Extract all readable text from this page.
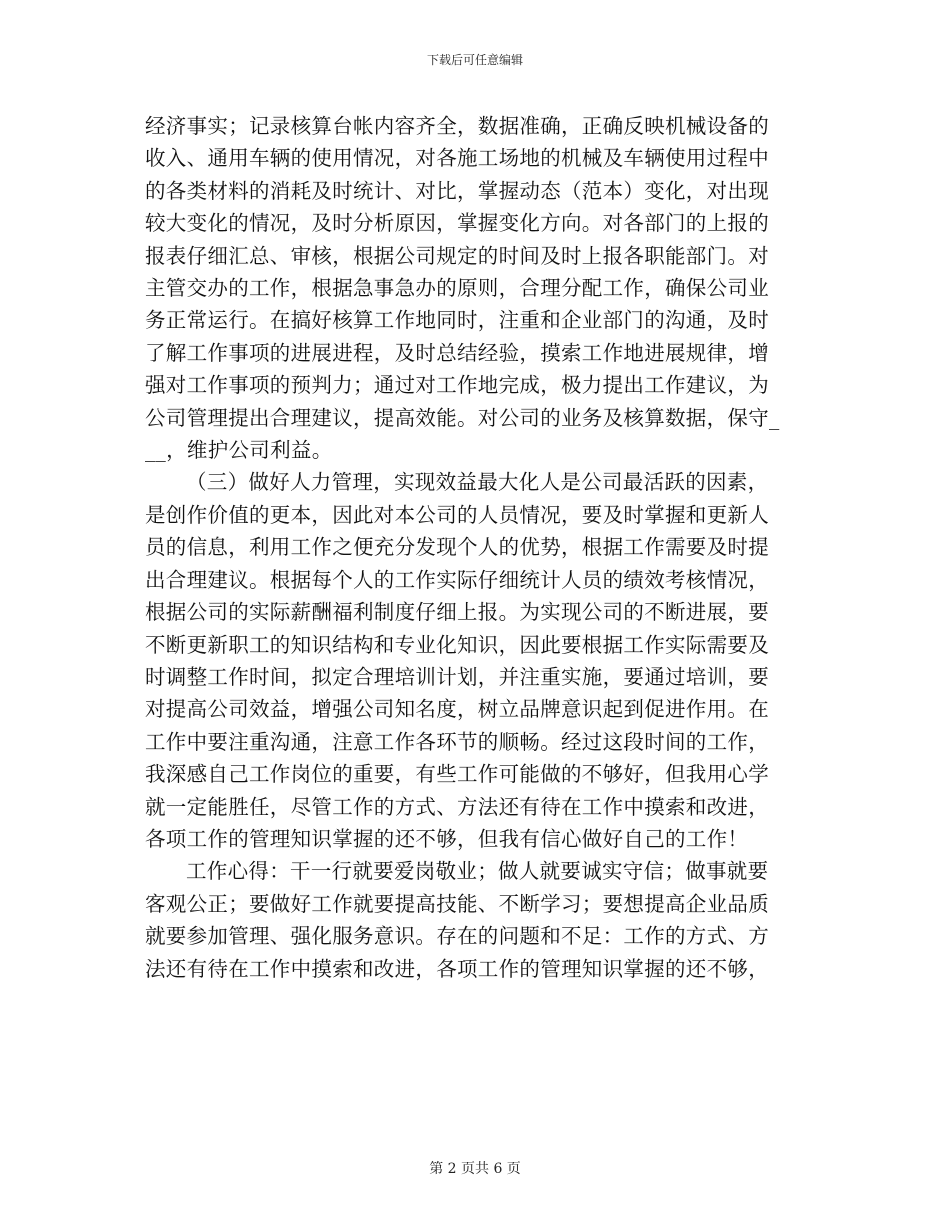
下载后可任意编辑
经济事实；记录核算台帐内容齐全，数据准确，正确反映机械设备的
收入、通用车辆的使用情况，对各施工场地的机械及车辆使用过程中
的各类材料的消耗及时统计、对比，掌握动态（范本）变化，对出现
较大变化的情况，及时分析原因，掌握变化方向。对各部门的上报的
报表仔细汇总、审核，根据公司规定的时间及时上报各职能部门。对
主管交办的工作，根据急事急办的原则，合理分配工作，确保公司业
务正常运行。在搞好核算工作地同时，注重和企业部门的沟通，及时
了解工作事项的进展进程，及时总结经验，摸索工作地进展规律，增
强对工作事项的预判力；通过对工作地完成，极力提出工作建议，为
公司管理提出合理建议，提高效能。对公司的业务及核算数据，保守_
__，维护公司利益。
（三）做好人力管理，实现效益最大化人是公司最活跃的因素，
是创作价值的更本，因此对本公司的人员情况，要及时掌握和更新人
员的信息，利用工作之便充分发现个人的优势，根据工作需要及时提
出合理建议。根据每个人的工作实际仔细统计人员的绩效考核情况，
根据公司的实际薪酬福利制度仔细上报。为实现公司的不断进展，要
不断更新职工的知识结构和专业化知识，因此要根据工作实际需要及
时调整工作时间，拟定合理培训计划，并注重实施，要通过培训，要
对提高公司效益，增强公司知名度，树立品牌意识起到促进作用。在
工作中要注重沟通，注意工作各环节的顺畅。经过这段时间的工作，
我深感自己工作岗位的重要，有些工作可能做的不够好，但我用心学
就一定能胜任，尽管工作的方式、方法还有待在工作中摸索和改进，
各项工作的管理知识掌握的还不够，但我有信心做好自己的工作！
工作心得：干一行就要爱岗敬业；做人就要诚实守信；做事就要
客观公正；要做好工作就要提高技能、不断学习；要想提高企业品质
就要参加管理、强化服务意识。存在的问题和不足：工作的方式、方
法还有待在工作中摸索和改进，各项工作的管理知识掌握的还不够，
第 2 页共 6 页
